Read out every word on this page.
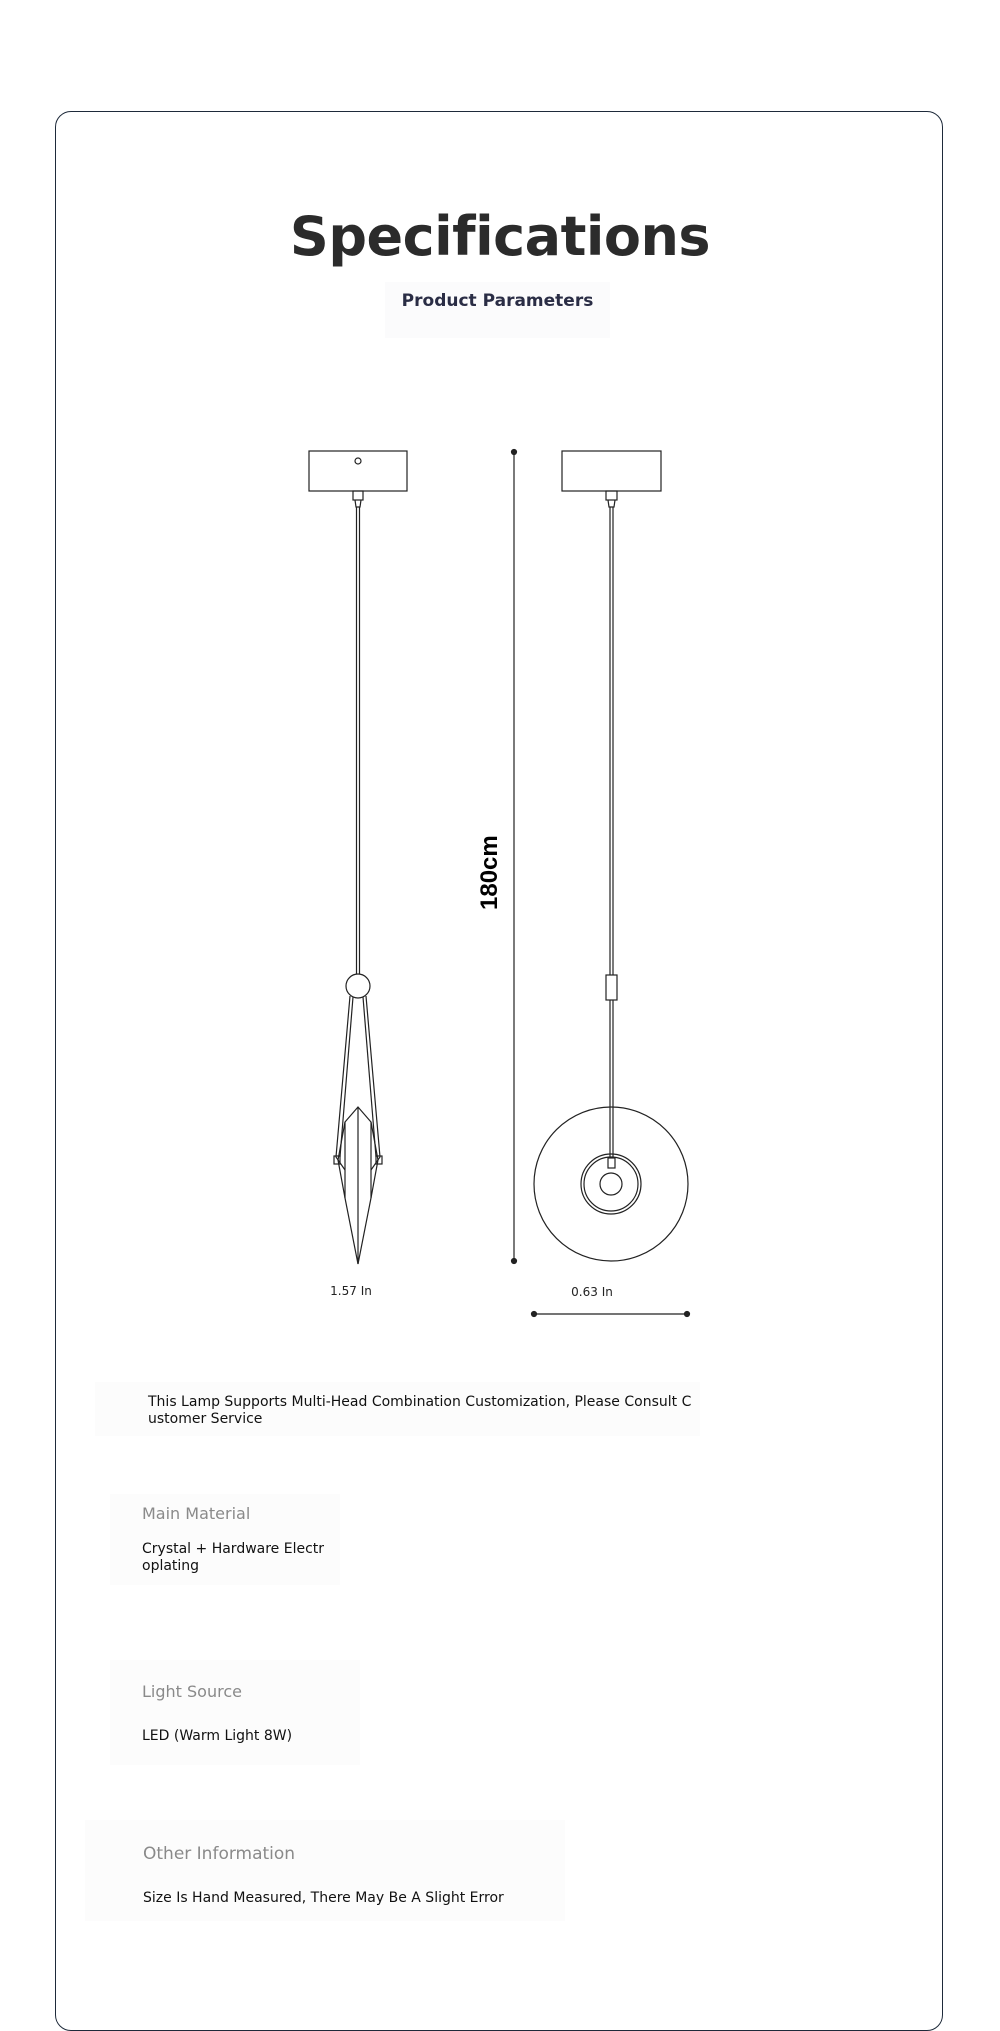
Specifications
Product Parameters
180cm
1.57 In	0.63 In
This Lamp Supports Multi-Head Combination Customization, Please Consult Customer Service

Main Material

Crystal + Hardware Electroplating

Light Source

LED (Warm Light 8W)

Other Information

Size Is Hand Measured, There May Be A Slight Error
